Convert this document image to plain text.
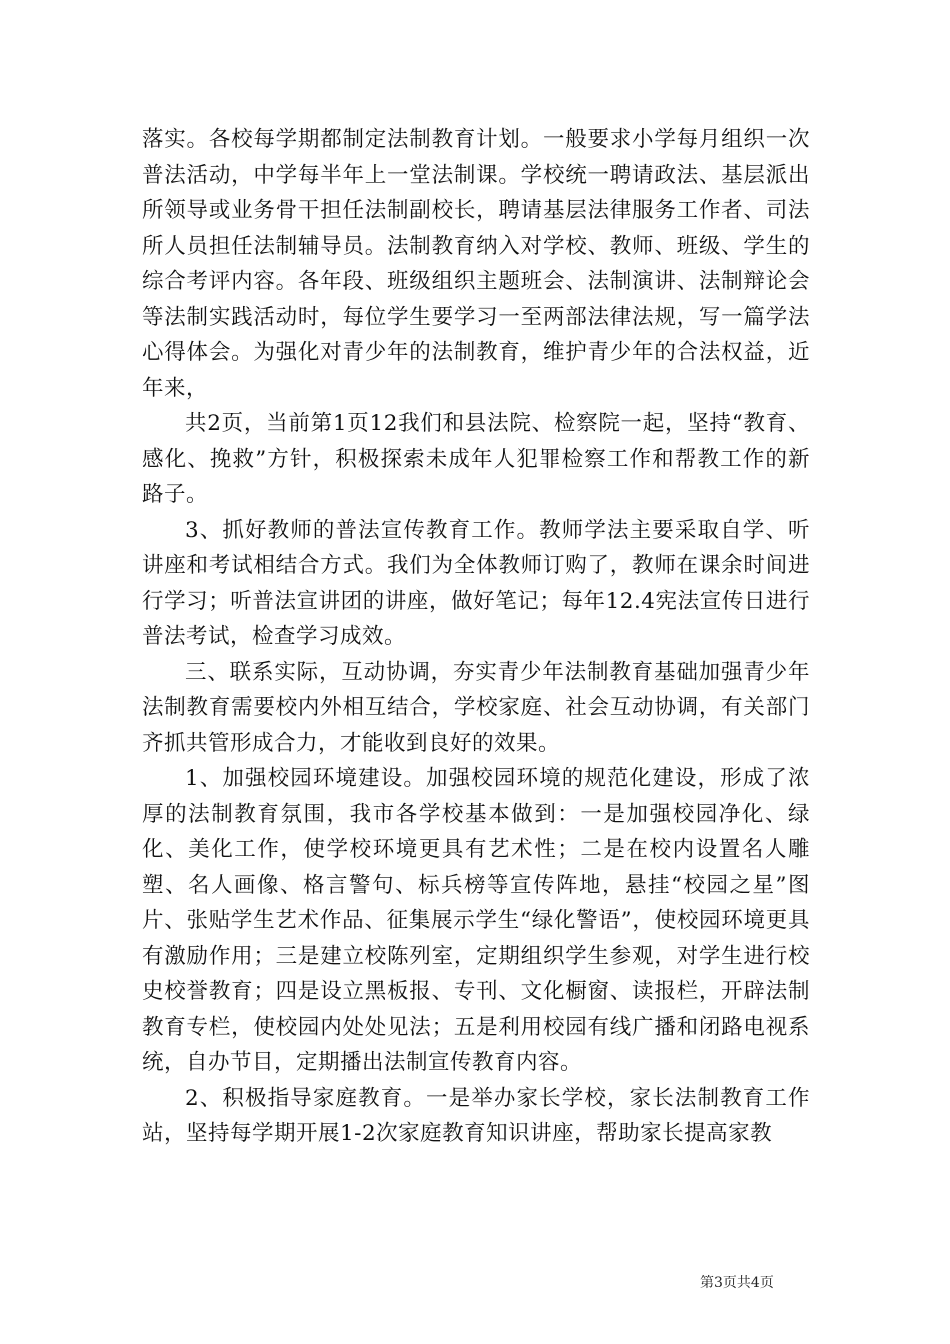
落实。各校每学期都制定法制教育计划。一般要求小学每月组织一次普法活动，中学每半年上一堂法制课。学校统一聘请政法、基层派出所领导或业务骨干担任法制副校长，聘请基层法律服务工作者、司法所人员担任法制辅导员。法制教育纳入对学校、教师、班级、学生的综合考评内容。各年段、班级组织主题班会、法制演讲、法制辩论会等法制实践活动时，每位学生要学习一至两部法律法规，写一篇学法心得体会。为强化对青少年的法制教育，维护青少年的合法权益，近年来，

共2页，当前第1页12我们和县法院、检察院一起，坚持“教育、感化、挽救”方针，积极探索未成年人犯罪检察工作和帮教工作的新路子。

3、抓好教师的普法宣传教育工作。教师学法主要采取自学、听讲座和考试相结合方式。我们为全体教师订购了，教师在课余时间进行学习；听普法宣讲团的讲座，做好笔记；每年12.4宪法宣传日进行普法考试，检查学习成效。

三、联系实际，互动协调，夯实青少年法制教育基础加强青少年法制教育需要校内外相互结合，学校家庭、社会互动协调，有关部门齐抓共管形成合力，才能收到良好的效果。

1、加强校园环境建设。加强校园环境的规范化建设，形成了浓厚的法制教育氛围，我市各学校基本做到：一是加强校园净化、绿化、美化工作，使学校环境更具有艺术性；二是在校内设置名人雕塑、名人画像、格言警句、标兵榜等宣传阵地，悬挂“校园之星”图片、张贴学生艺术作品、征集展示学生“绿化警语”，使校园环境更具有激励作用；三是建立校陈列室，定期组织学生参观，对学生进行校史校誉教育；四是设立黑板报、专刊、文化橱窗、读报栏，开辟法制教育专栏，使校园内处处见法；五是利用校园有线广播和闭路电视系统，自办节目，定期播出法制宣传教育内容。

2、积极指导家庭教育。一是举办家长学校，家长法制教育工作站，坚持每学期开展1-2次家庭教育知识讲座，帮助家长提高家教

第3页共4页
